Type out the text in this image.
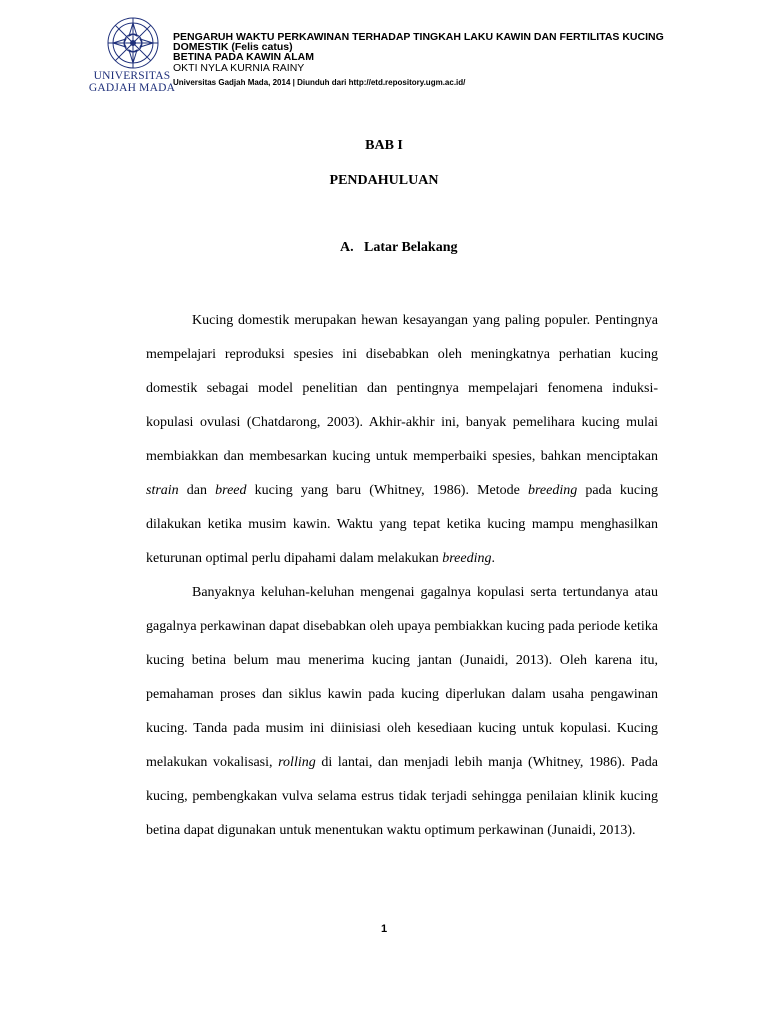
UNIVERSITAS
GADJAH MADA
PENGARUH WAKTU PERKAWINAN TERHADAP TINGKAH LAKU KAWIN DAN FERTILITAS KUCING
DOMESTIK (Felis catus)
BETINA PADA KAWIN ALAM
OKTI NYLA KURNIA RAINY
Universitas Gadjah Mada, 2014 | Diunduh dari http://etd.repository.ugm.ac.id/
BAB I
PENDAHULUAN
A. Latar Belakang

Kucing domestik merupakan hewan kesayangan yang paling populer. Pentingnya mempelajari reproduksi spesies ini disebabkan oleh meningkatnya perhatian kucing domestik sebagai model penelitian dan pentingnya mempelajari fenomena induksi-kopulasi ovulasi (Chatdarong, 2003). Akhir-akhir ini, banyak pemelihara kucing mulai membiakkan dan membesarkan kucing untuk memperbaiki spesies, bahkan menciptakan strain dan breed kucing yang baru (Whitney, 1986). Metode breeding pada kucing dilakukan ketika musim kawin. Waktu yang tepat ketika kucing mampu menghasilkan keturunan optimal perlu dipahami dalam melakukan breeding.

Banyaknya keluhan-keluhan mengenai gagalnya kopulasi serta tertundanya atau gagalnya perkawinan dapat disebabkan oleh upaya pembiakkan kucing pada periode ketika kucing betina belum mau menerima kucing jantan (Junaidi, 2013). Oleh karena itu, pemahaman proses dan siklus kawin pada kucing diperlukan dalam usaha pengawinan kucing. Tanda pada musim ini diinisiasi oleh kesediaan kucing untuk kopulasi. Kucing melakukan vokalisasi, rolling di lantai, dan menjadi lebih manja (Whitney, 1986). Pada kucing, pembengkakan vulva selama estrus tidak terjadi sehingga penilaian klinik kucing betina dapat digunakan untuk menentukan waktu optimum perkawinan (Junaidi, 2013).

1
